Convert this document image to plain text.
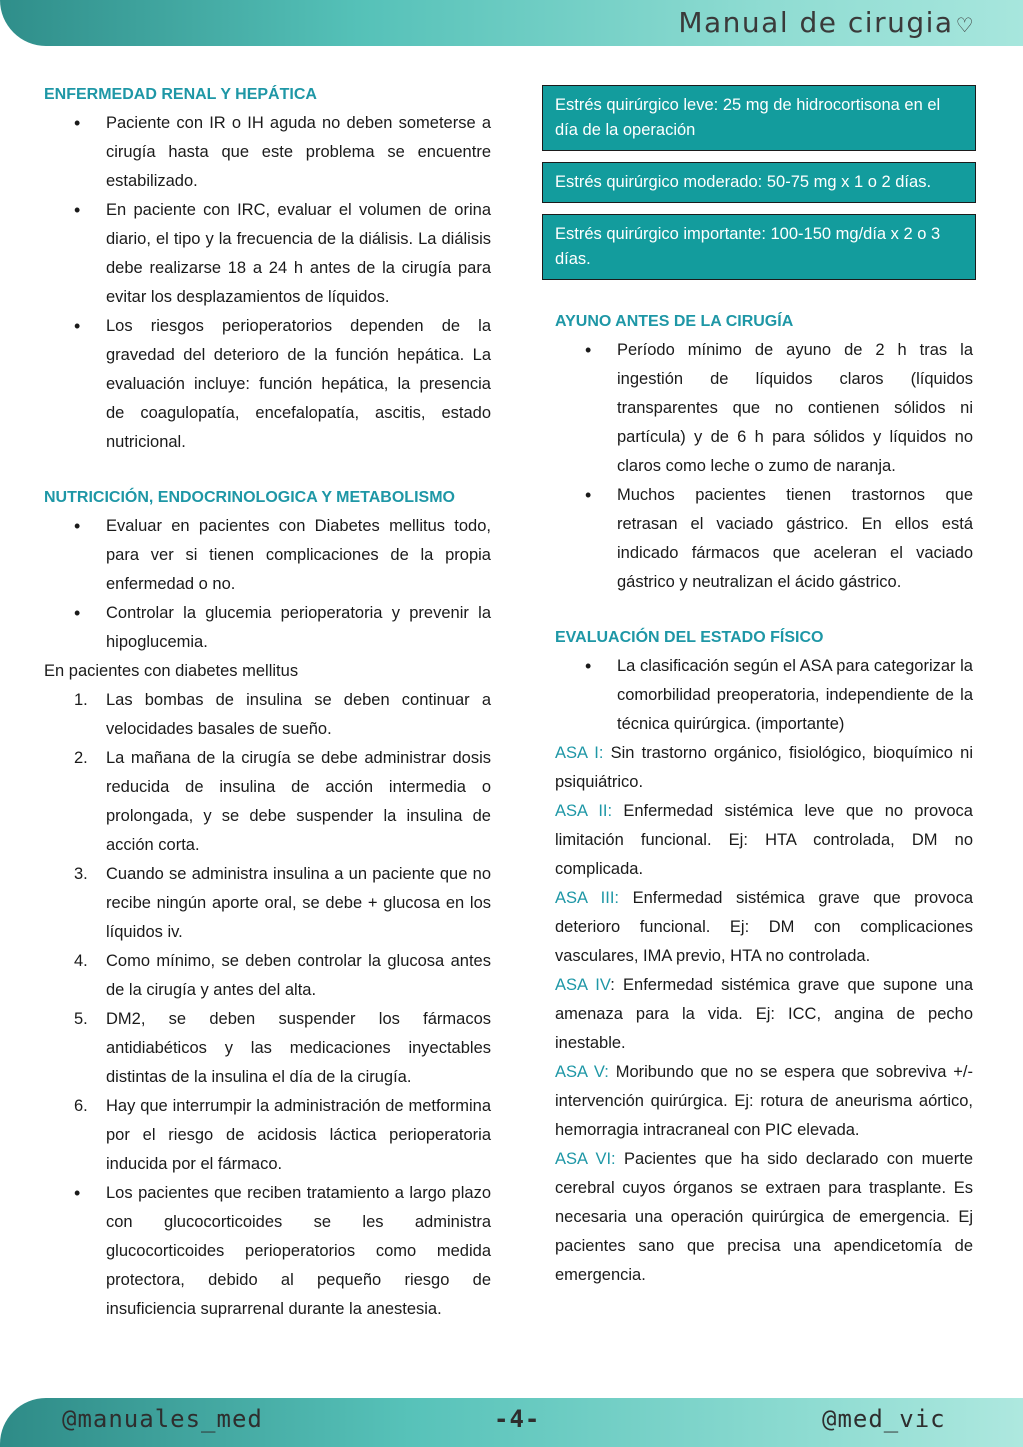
Manual de cirugia ♡
ENFERMEDAD RENAL Y HEPÁTICA
• Paciente con IR o IH aguda no deben someterse a cirugía hasta que este problema se encuentre estabilizado.
• En paciente con IRC, evaluar el volumen de orina diario, el tipo y la frecuencia de la diálisis. La diálisis debe realizarse 18 a 24 h antes de la cirugía para evitar los desplazamientos de líquidos.
• Los riesgos perioperatorios dependen de la gravedad del deterioro de la función hepática. La evaluación incluye: función hepática, la presencia de coagulopatía, encefalopatía, ascitis, estado nutricional.
NUTRICICIÓN, ENDOCRINOLOGICA Y METABOLISMO
• Evaluar en pacientes con Diabetes mellitus todo, para ver si tienen complicaciones de la propia enfermedad o no.
• Controlar la glucemia perioperatoria y prevenir la hipoglucemia.

En pacientes con diabetes mellitus

1. Las bombas de insulina se deben continuar a velocidades basales de sueño.
2. La mañana de la cirugía se debe administrar dosis reducida de insulina de acción intermedia o prolongada, y se debe suspender la insulina de acción corta.
3. Cuando se administra insulina a un paciente que no recibe ningún aporte oral, se debe + glucosa en los líquidos iv.
4. Como mínimo, se deben controlar la glucosa antes de la cirugía y antes del alta.
5. DM2, se deben suspender los fármacos antidiabéticos y las medicaciones inyectables distintas de la insulina el día de la cirugía.
6. Hay que interrumpir la administración de metformina por el riesgo de acidosis láctica perioperatoria inducida por el fármaco.
• Los pacientes que reciben tratamiento a largo plazo con glucocorticoides se les administra glucocorticoides perioperatorios como medida protectora, debido al pequeño riesgo de insuficiencia suprarrenal durante la anestesia.
Estrés quirúrgico leve: 25 mg de hidrocortisona en el día de la operación
Estrés quirúrgico moderado: 50-75 mg x 1 o 2 días.
Estrés quirúrgico importante: 100-150 mg/día x 2 o 3 días.
AYUNO ANTES DE LA CIRUGÍA
• Período mínimo de ayuno de 2 h tras la ingestión de líquidos claros (líquidos transparentes que no contienen sólidos ni partícula) y de 6 h para sólidos y líquidos no claros como leche o zumo de naranja.
• Muchos pacientes tienen trastornos que retrasan el vaciado gástrico. En ellos está indicado fármacos que aceleran el vaciado gástrico y neutralizan el ácido gástrico.
EVALUACIÓN DEL ESTADO FÍSICO
• La clasificación según el ASA para categorizar la comorbilidad preoperatoria, independiente de la técnica quirúrgica. (importante)

ASA I: Sin trastorno orgánico, fisiológico, bioquímico ni psiquiátrico.

ASA II: Enfermedad sistémica leve que no provoca limitación funcional. Ej: HTA controlada, DM no complicada.

ASA III: Enfermedad sistémica grave que provoca deterioro funcional. Ej: DM con complicaciones vasculares, IMA previo, HTA no controlada.

ASA IV: Enfermedad sistémica grave que supone una amenaza para la vida. Ej: ICC, angina de pecho inestable.

ASA V: Moribundo que no se espera que sobreviva +/- intervención quirúrgica. Ej: rotura de aneurisma aórtico, hemorragia intracraneal con PIC elevada.

ASA VI: Pacientes que ha sido declarado con muerte cerebral cuyos órganos se extraen para trasplante. Es necesaria una operación quirúrgica de emergencia. Ej pacientes sano que precisa una apendicetomía de emergencia.

@manuales_med	-4-	@med_vic
